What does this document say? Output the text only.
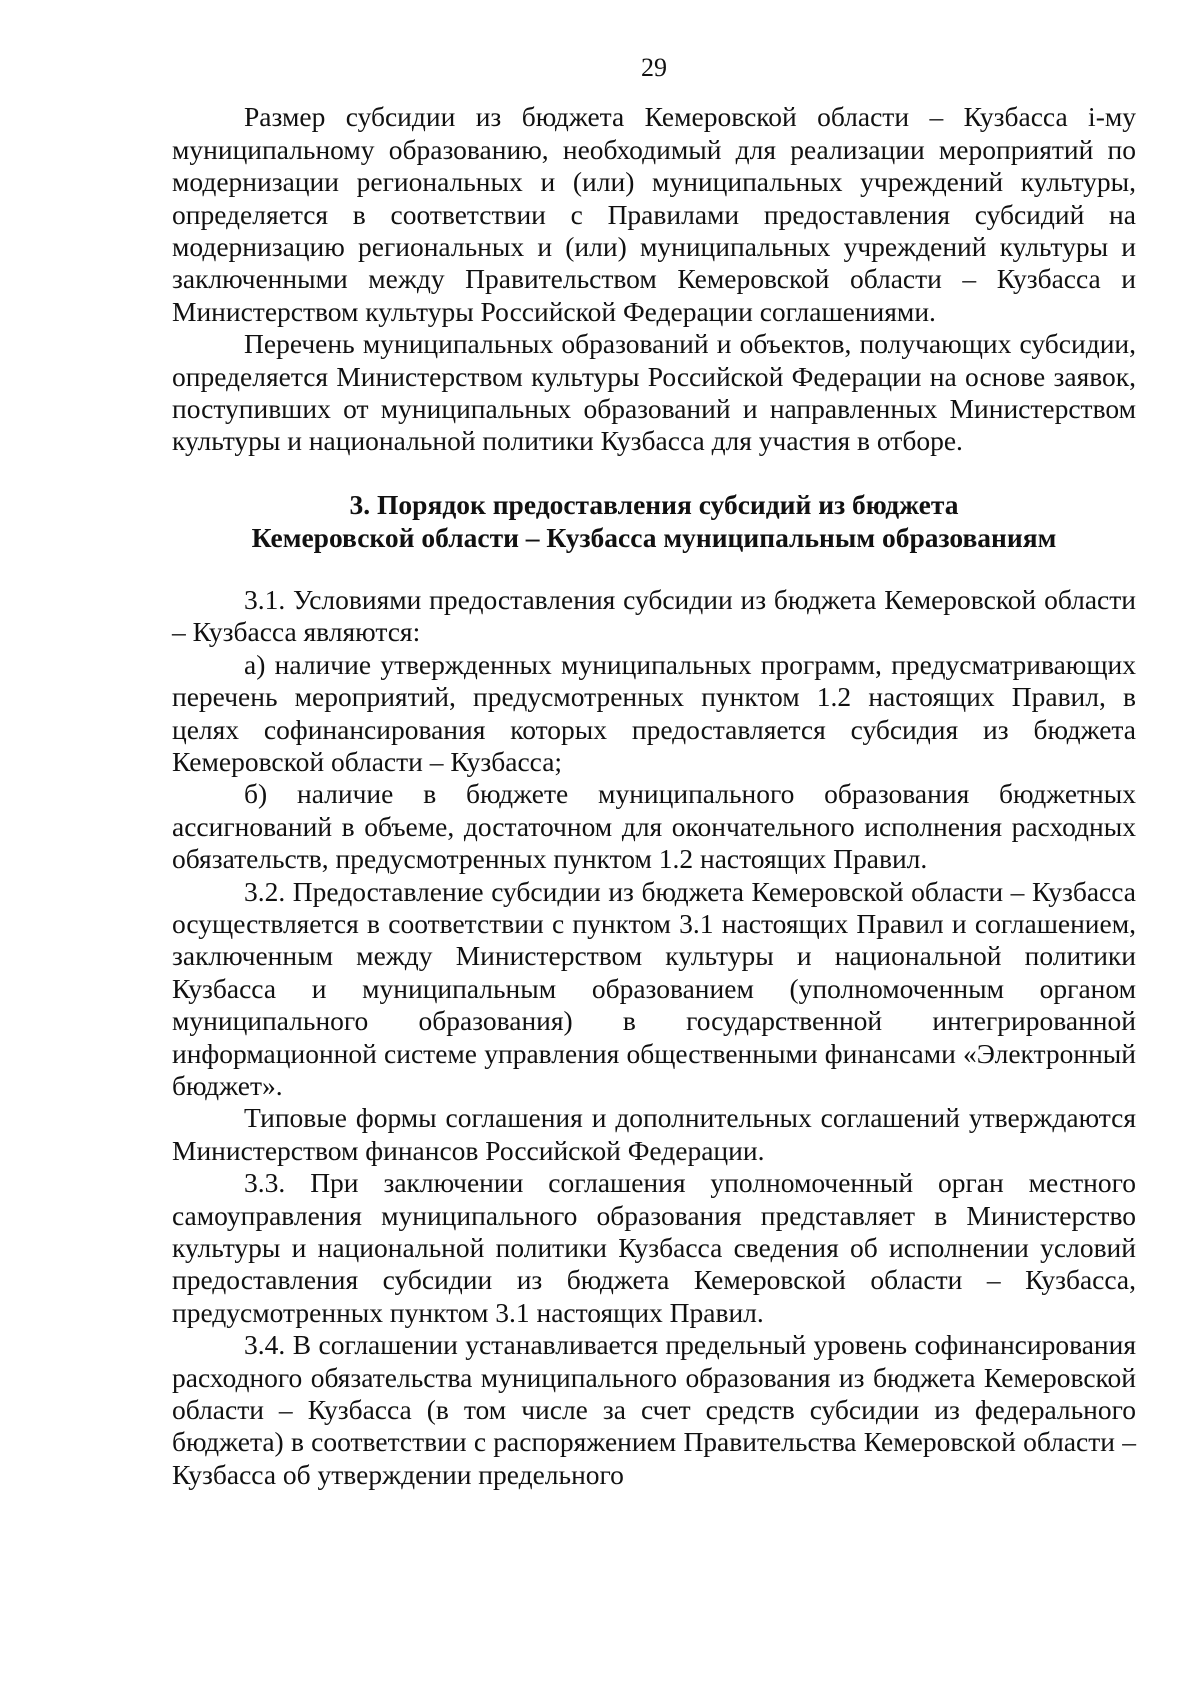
29

Размер субсидии из бюджета Кемеровской области – Кузбасса i-му муниципальному образованию, необходимый для реализации мероприятий по модернизации региональных и (или) муниципальных учреждений культуры, определяется в соответствии с Правилами предоставления субсидий на модернизацию региональных и (или) муниципальных учреждений культуры и заключенными между Правительством Кемеровской области – Кузбасса и Министерством культуры Российской Федерации соглашениями.

Перечень муниципальных образований и объектов, получающих субсидии, определяется Министерством культуры Российской Федерации на основе заявок, поступивших от муниципальных образований и направленных Министерством культуры и национальной политики Кузбасса для участия в отборе.

3. Порядок предоставления субсидий из бюджета
Кемеровской области – Кузбасса муниципальным образованиям

3.1. Условиями предоставления субсидии из бюджета Кемеровской области – Кузбасса являются:

а) наличие утвержденных муниципальных программ, предусматривающих перечень мероприятий, предусмотренных пунктом 1.2 настоящих Правил, в целях софинансирования которых предоставляется субсидия из бюджета Кемеровской области – Кузбасса;

б) наличие в бюджете муниципального образования бюджетных ассигнований в объеме, достаточном для окончательного исполнения расходных обязательств, предусмотренных пунктом 1.2 настоящих Правил.

3.2. Предоставление субсидии из бюджета Кемеровской области – Кузбасса осуществляется в соответствии с пунктом 3.1 настоящих Правил и соглашением, заключенным между Министерством культуры и национальной политики Кузбасса и муниципальным образованием (уполномоченным органом муниципального образования) в государственной интегрированной информационной системе управления общественными финансами «Электронный бюджет».

Типовые формы соглашения и дополнительных соглашений утверждаются Министерством финансов Российской Федерации.

3.3. При заключении соглашения уполномоченный орган местного самоуправления муниципального образования представляет в Министерство культуры и национальной политики Кузбасса сведения об исполнении условий предоставления субсидии из бюджета Кемеровской области – Кузбасса, предусмотренных пунктом 3.1 настоящих Правил.

3.4. В соглашении устанавливается предельный уровень софинансирования расходного обязательства муниципального образования из бюджета Кемеровской области – Кузбасса (в том числе за счет средств субсидии из федерального бюджета) в соответствии с распоряжением Правительства Кемеровской области – Кузбасса об утверждении предельного
